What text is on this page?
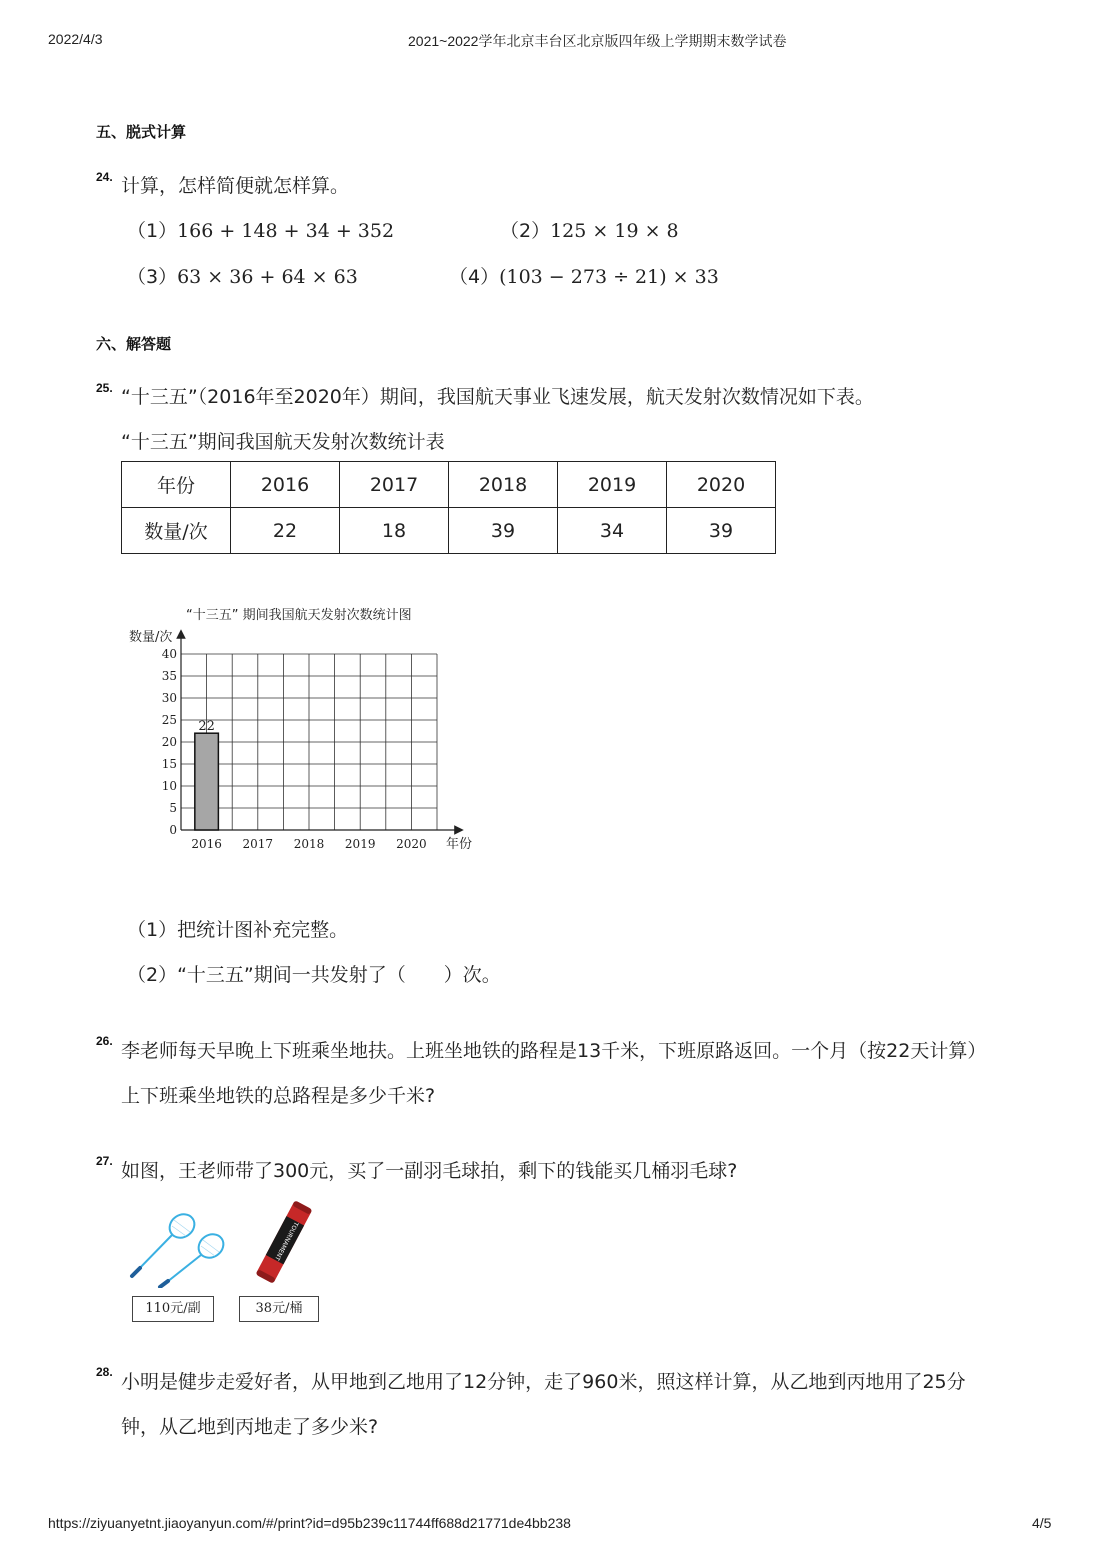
2022/4/3	2021~2022学年北京丰台区北京版四年级上学期期末数学试卷
五、脱式计算
24. 计算，怎样简便就怎样算。
（1）166 + 148 + 34 + 352	（2）125 × 19 × 8
（3）63 × 36 + 64 × 63	（4）(103 − 273 ÷ 21) × 33
六、解答题
25. “十三五”（2016年至2020年）期间，我国航天事业飞速发展，航天发射次数情况如下表。
“十三五”期间我国航天发射次数统计表
年份	2016	2017	2018	2019	2020
数量/次	22	18	39	34	39
22
0
5
10
15
20
25
30
35
40
2016 2017 2018 2019 2020
“十三五” 期间我国航天发射次数统计图
数量/次
年份
（1）把统计图补充完整。
（2）“十三五”期间一共发射了（　　）次。
26. 李老师每天早晚上下班乘坐地扶。上班坐地铁的路程是13千米，下班原路返回。一个月（按22天计算）
上下班乘坐地铁的总路程是多少千米?
27. 如图，王老师带了300元，买了一副羽毛球拍，剩下的钱能买几桶羽毛球?
TOURNAMENT
110元/副	38元/桶
28. 小明是健步走爱好者，从甲地到乙地用了12分钟，走了960米，照这样计算，从乙地到丙地用了25分
钟，从乙地到丙地走了多少米?
https://ziyuanyetnt.jiaoyanyun.com/#/print?id=d95b239c11744ff688d21771de4bb238	4/5
